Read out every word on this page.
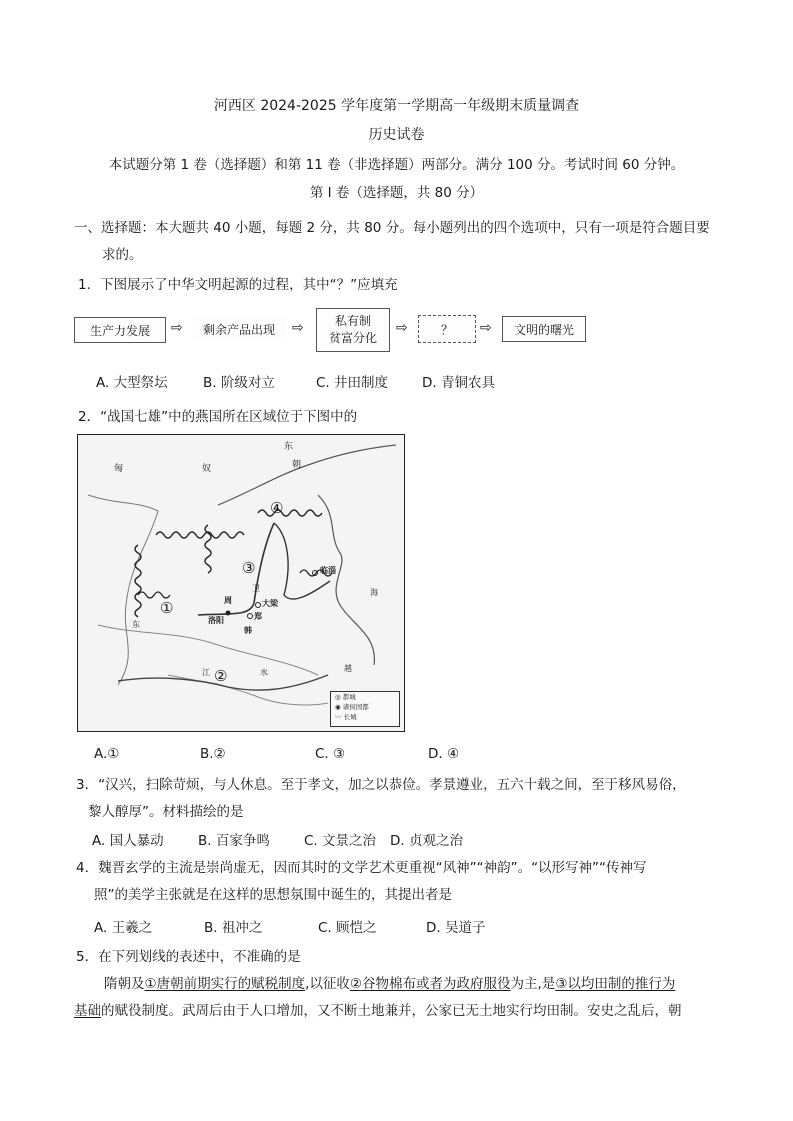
河西区 2024-2025 学年度第一学期高一年级期末质量调查
历史试卷
本试题分第 1 卷（选择题）和第 11 卷（非选择题）两部分。满分 100 分。考试时间 60 分钟。
第 I 卷（选择题，共 80 分）
一、选择题：本大题共 40 小题，每题 2 分，共 80 分。每小题列出的四个选项中，只有一项是符合题目要
求的。
1．下图展示了中华文明起源的过程，其中“？”应填充
生产力发展	⇨	剩余产品出现	⇨	私有制
贫富分化
⇨	？	⇨	文明的曙光
A. 大型祭坛	B. 阶级对立	C. 井田制度	D. 青铜农具
2．“战国七雄”中的燕国所在区域位于下图中的
匈	奴
东
朝
临淄
大梁
洛阳	郑
韩
周
卫
东
江
海
越
水
①
②
③
④
◎ 都城
◉ 诸侯国都
〰 长城
A.①	B.②	C. ③	D. ④
3．“汉兴，扫除苛烦，与人休息。至于孝文，加之以恭俭。孝景遵业，五六十载之间，至于移风易俗，
黎人醇厚”。材料描绘的是
A. 国人暴动	B. 百家争鸣	C. 文景之治 D. 贞观之治
4．魏晋玄学的主流是崇尚虚无，因而其时的文学艺术更重视“风神”“神韵”。“以形写神”“传神写
照”的美学主张就是在这样的思想氛围中诞生的，其提出者是
A. 王羲之	B. 祖冲之	C. 顾恺之	D. 吴道子
5．在下列划线的表述中，不准确的是
隋朝及①唐朝前期实行的赋税制度,以征收②谷物棉布或者为政府服役为主,是③以均田制的推行为
基础的赋役制度。武周后由于人口增加，又不断土地兼并，公家已无土地实行均田制。安史之乱后，朝
